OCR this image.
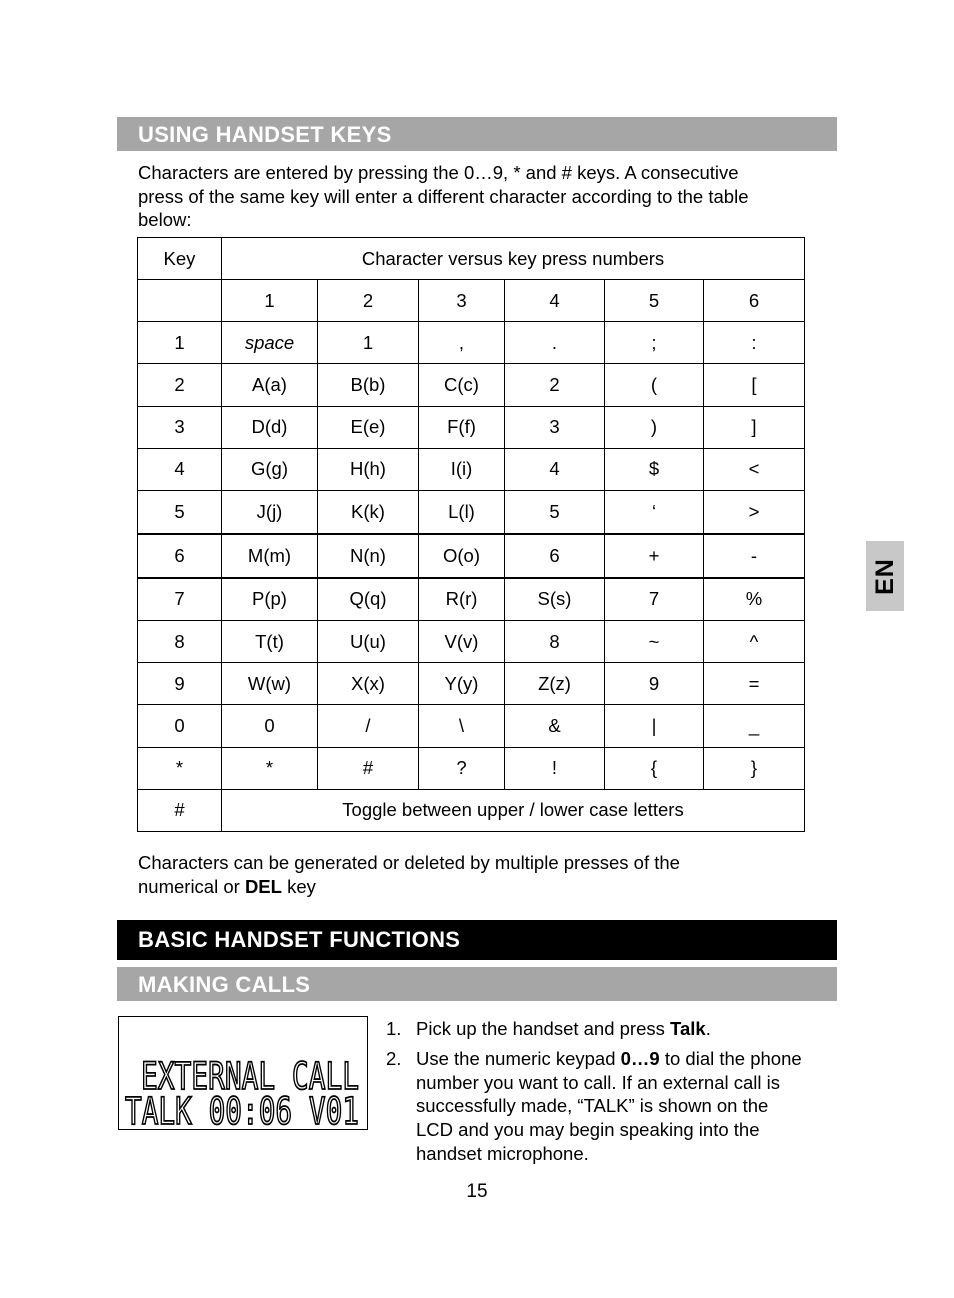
USING HANDSET KEYS
Characters are entered by pressing the 0…9, * and # keys. A consecutive
press of the same key will enter a different character according to the table
below:
Key	Character versus key press numbers					
	1	2	3	4	5	6
1	space	1	,	.	;	:
2	A(a)	B(b)	C(c)	2	(	[
3	D(d)	E(e)	F(f)	3	)	]
4	G(g)	H(h)	I(i)	4	$	<
5	J(j)	K(k)	L(l)	5	‘	>
6	M(m)	N(n)	O(o)	6	+	-
7	P(p)	Q(q)	R(r)	S(s)	7	%
8	T(t)	U(u)	V(v)	8	~	^
9	W(w)	X(x)	Y(y)	Z(z)	9	=
0	0	/	\	&	|	_
*	*	#	?	!	{	}
#	Toggle between upper / lower case letters					
Characters can be generated or deleted by multiple presses of the
numerical or DEL key
BASIC HANDSET FUNCTIONS
MAKING CALLS
EXTERNAL CALL
TALK 00:06 V01
1. Pick up the handset and press Talk.
2. Use the numeric keypad 0…9 to dial the phone number you want to call. If an external call is successfully made, “TALK” is shown on the LCD and you may begin speaking into the handset microphone.
EN
15
